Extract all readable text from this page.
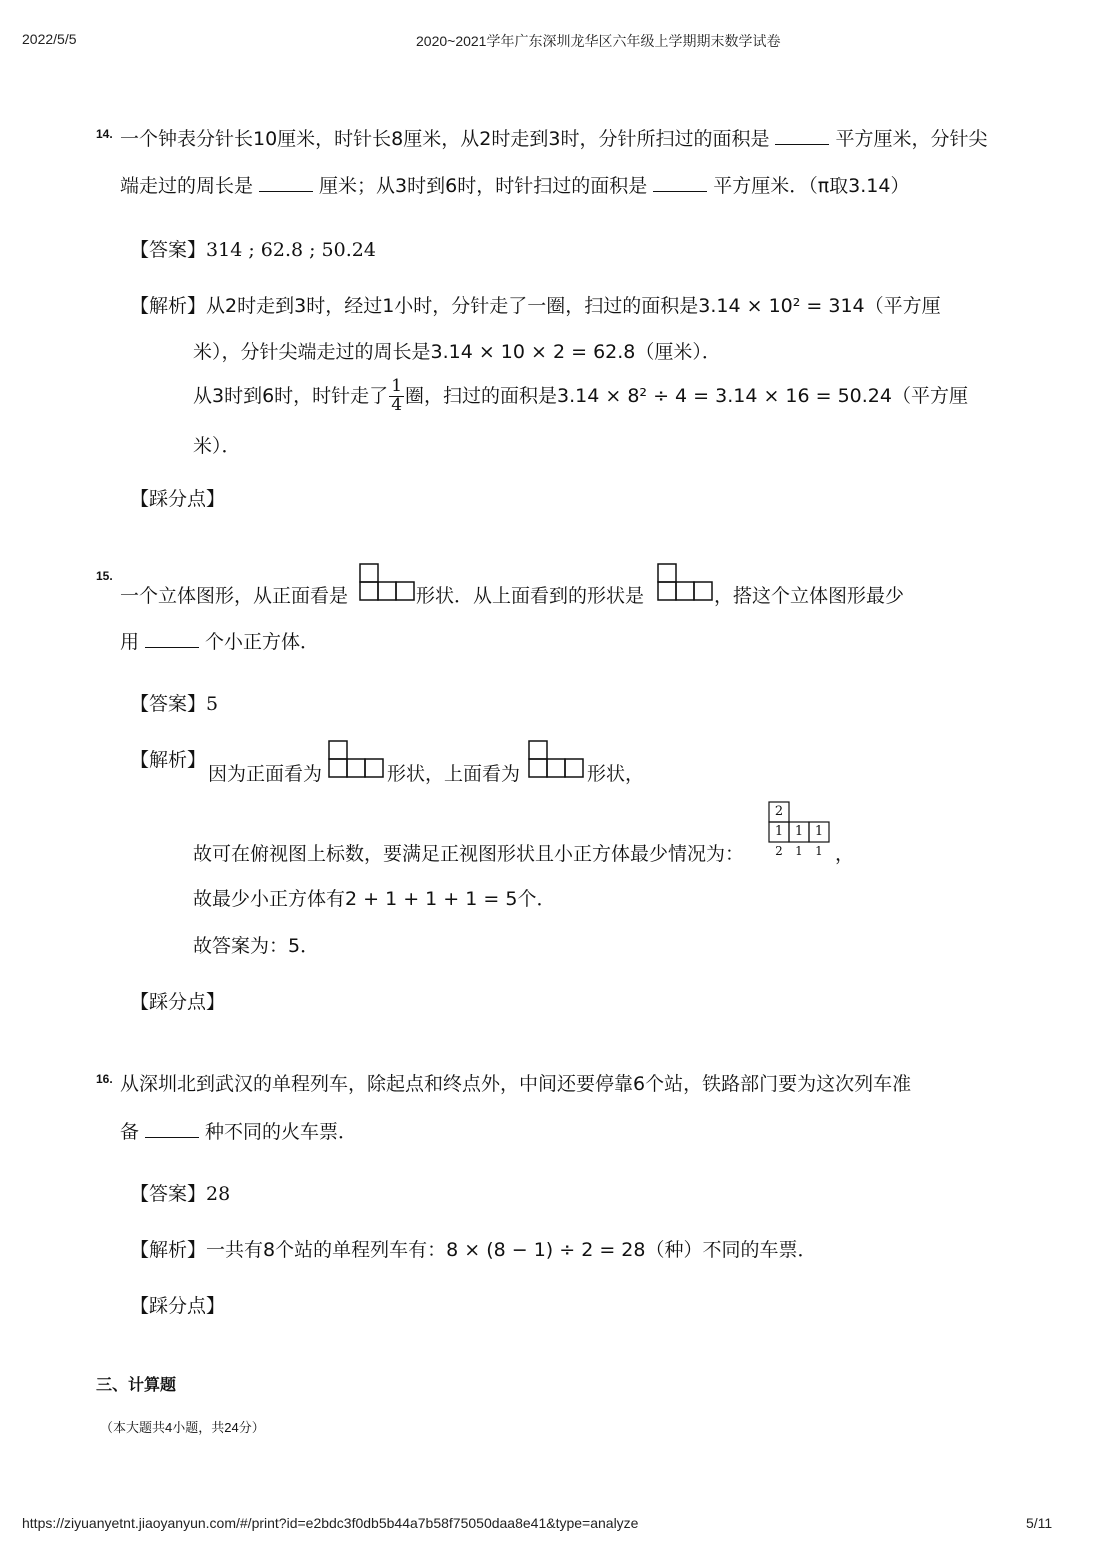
2022/5/5	2020~2021学年广东深圳龙华区六年级上学期期末数学试卷
14. 一个钟表分针长10厘米，时针长8厘米，从2时走到3时，分针所扫过的面积是	平方厘米，分针尖
端走过的周长是	厘米；从3时到6时，时针扫过的面积是	平方厘米．（π取3.14）
【答案】314 ; 62.8 ; 50.24
【解析】从2时走到3时，经过1小时，分针走了一圈，扫过的面积是3.14 × 10² = 314（平方厘
米），分针尖端走过的周长是3.14 × 10 × 2 = 62.8（厘米）．
从3时到6时，时针走了 $\frac{1}{4}$ 圈，扫过的面积是3.14 × 8² ÷ 4 = 3.14 × 16 = 50.24（平方厘
米）．
【踩分点】
15.
一个立体图形，从正面看是	形状．从上面看到的形状是	，搭这个立体图形最少
用	个小正方体．
【答案】5
【解析】
因为正面看为	形状，上面看为	形状，
故可在俯视图上标数，要满足正视图形状且小正方体最少情况为：
2
1 1 1
2	1	1 ，
故最少小正方体有2 + 1 + 1 + 1 = 5个．
故答案为：5．
【踩分点】
16. 从深圳北到武汉的单程列车，除起点和终点外，中间还要停靠6个站，铁路部门要为这次列车准
备	种不同的火车票．
【答案】28
【解析】一共有8个站的单程列车有：8 × (8 − 1) ÷ 2 = 28（种）不同的车票．
【踩分点】
三、计算题
（本大题共4小题，共24分）
https://ziyuanyetnt.jiaoyanyun.com/#/print?id=e2bdc3f0db5b44a7b58f75050daa8e41&type=analyze	5/11
